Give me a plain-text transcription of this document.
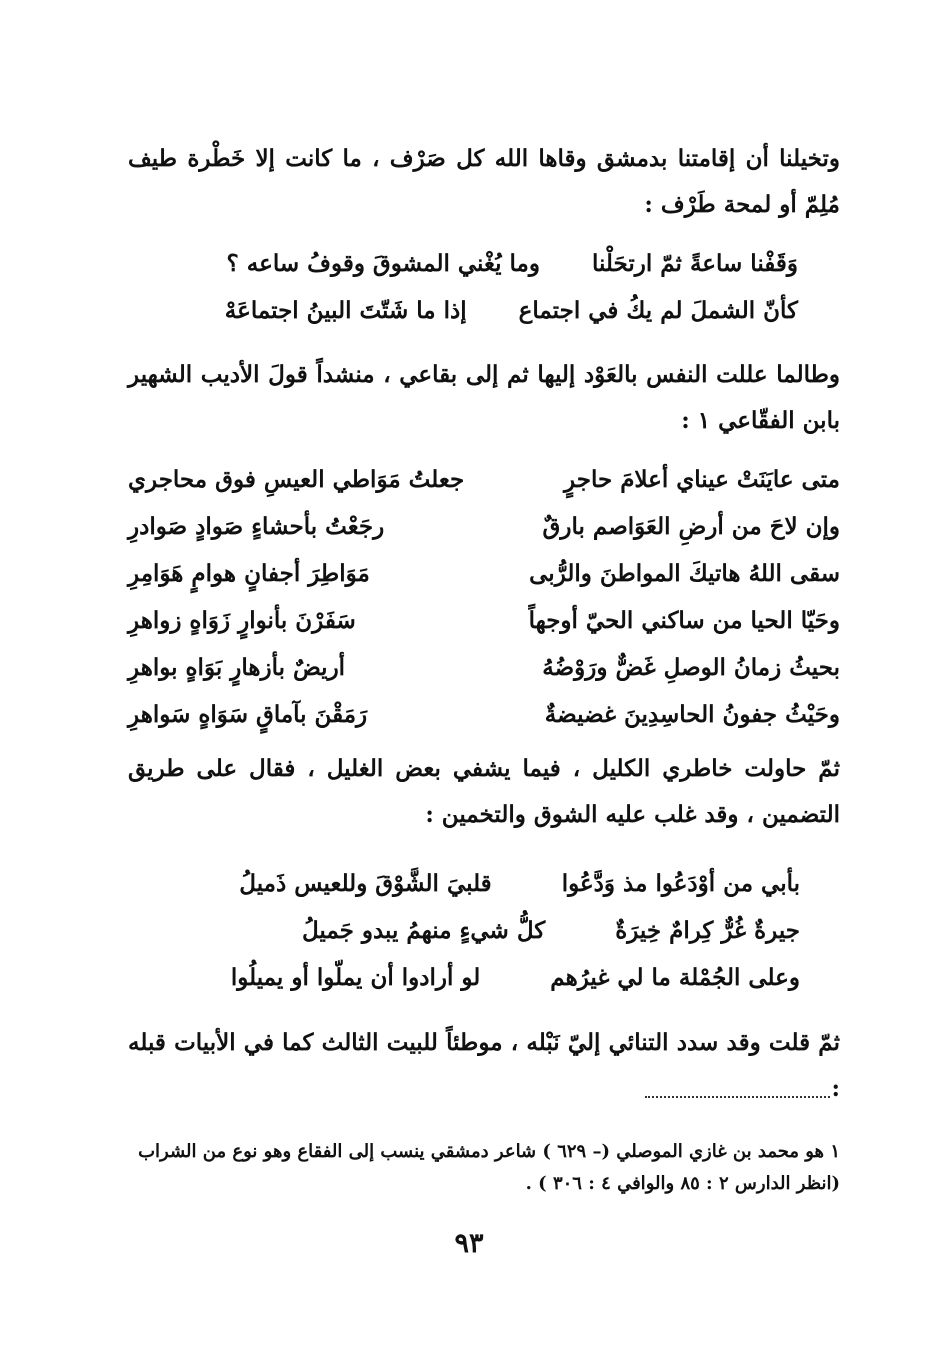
وتخيلنا أن إقامتنا بدمشق وقاها الله كل صَرْف ، ما كانت إلا خَطْرة طيف مُلِمّ أو لمحة طَرْف :
وَقَفْنا ساعةً ثمّ ارتحَلْنا
وما يُغْني المشوقَ وقوفُ ساعه ؟
كأنّ الشملَ لم يكُ في اجتماع
إذا ما شَتّتَ البينُ اجتماعَهْ
وطالما عللت النفس بالعَوْد إليها ثم إلى بقاعي ، منشداً قولَ الأديب الشهير بابن الفقّاعي ١ :
متى عايَنَتْ عيناي أعلامَ حاجرٍ
جعلتُ مَوَاطي العيسِ فوق محاجري
وإن لاحَ من أرضِ العَوَاصم بارقٌ
رجَعْتُ بأحشاءٍ صَوادٍ صَوادرِ
سقى اللهُ هاتيكَ المواطنَ والرُّبى
مَوَاطِرَ أجفانٍ هوامٍ هَوَامِرِ
وحَيّا الحيا من ساكني الحيّ أوجهاً
سَفَرْنَ بأنوارٍ زَوَاهٍ زواهرِ
بحيثُ زمانُ الوصلِ غَضٌّ ورَوْضُهُ
أريضٌ بأزهارٍ بَوَاهٍ بواهرِ
وحَيْثُ جفونُ الحاسِدِينَ غضيضةٌ
رَمَقْنَ بآماقٍ سَوَاهٍ سَواهرِ
ثمّ حاولت خاطري الكليل ، فيما يشفي بعض الغليل ، فقال على طريق التضمين ، وقد غلب عليه الشوق والتخمين :
بأبي من أوْدَعُوا مذ وَدَّعُوا
قلبيَ الشَّوْقَ وللعيس ذَميلُ
جيرةٌ غُرٌّ كِرامٌ خِيرَةٌ
كلُّ شيءٍ منهمُ يبدو جَميلُ
وعلى الجُمْلة ما لي غيرُهم
لو أرادوا أن يملّوا أو يميلُوا
ثمّ قلت وقد سدد التنائي إليّ نَبْله ، موطئاً للبيت الثالث كما في الأبيات قبله :
١ هو محمد بن غازي الموصلي (– ٦٢٩ ) شاعر دمشقي ينسب إلى الفقاع وهو نوع من الشراب
(انظر الدارس ٢ : ٨٥ والوافي ٤ : ٣٠٦ ) .
٩٣
